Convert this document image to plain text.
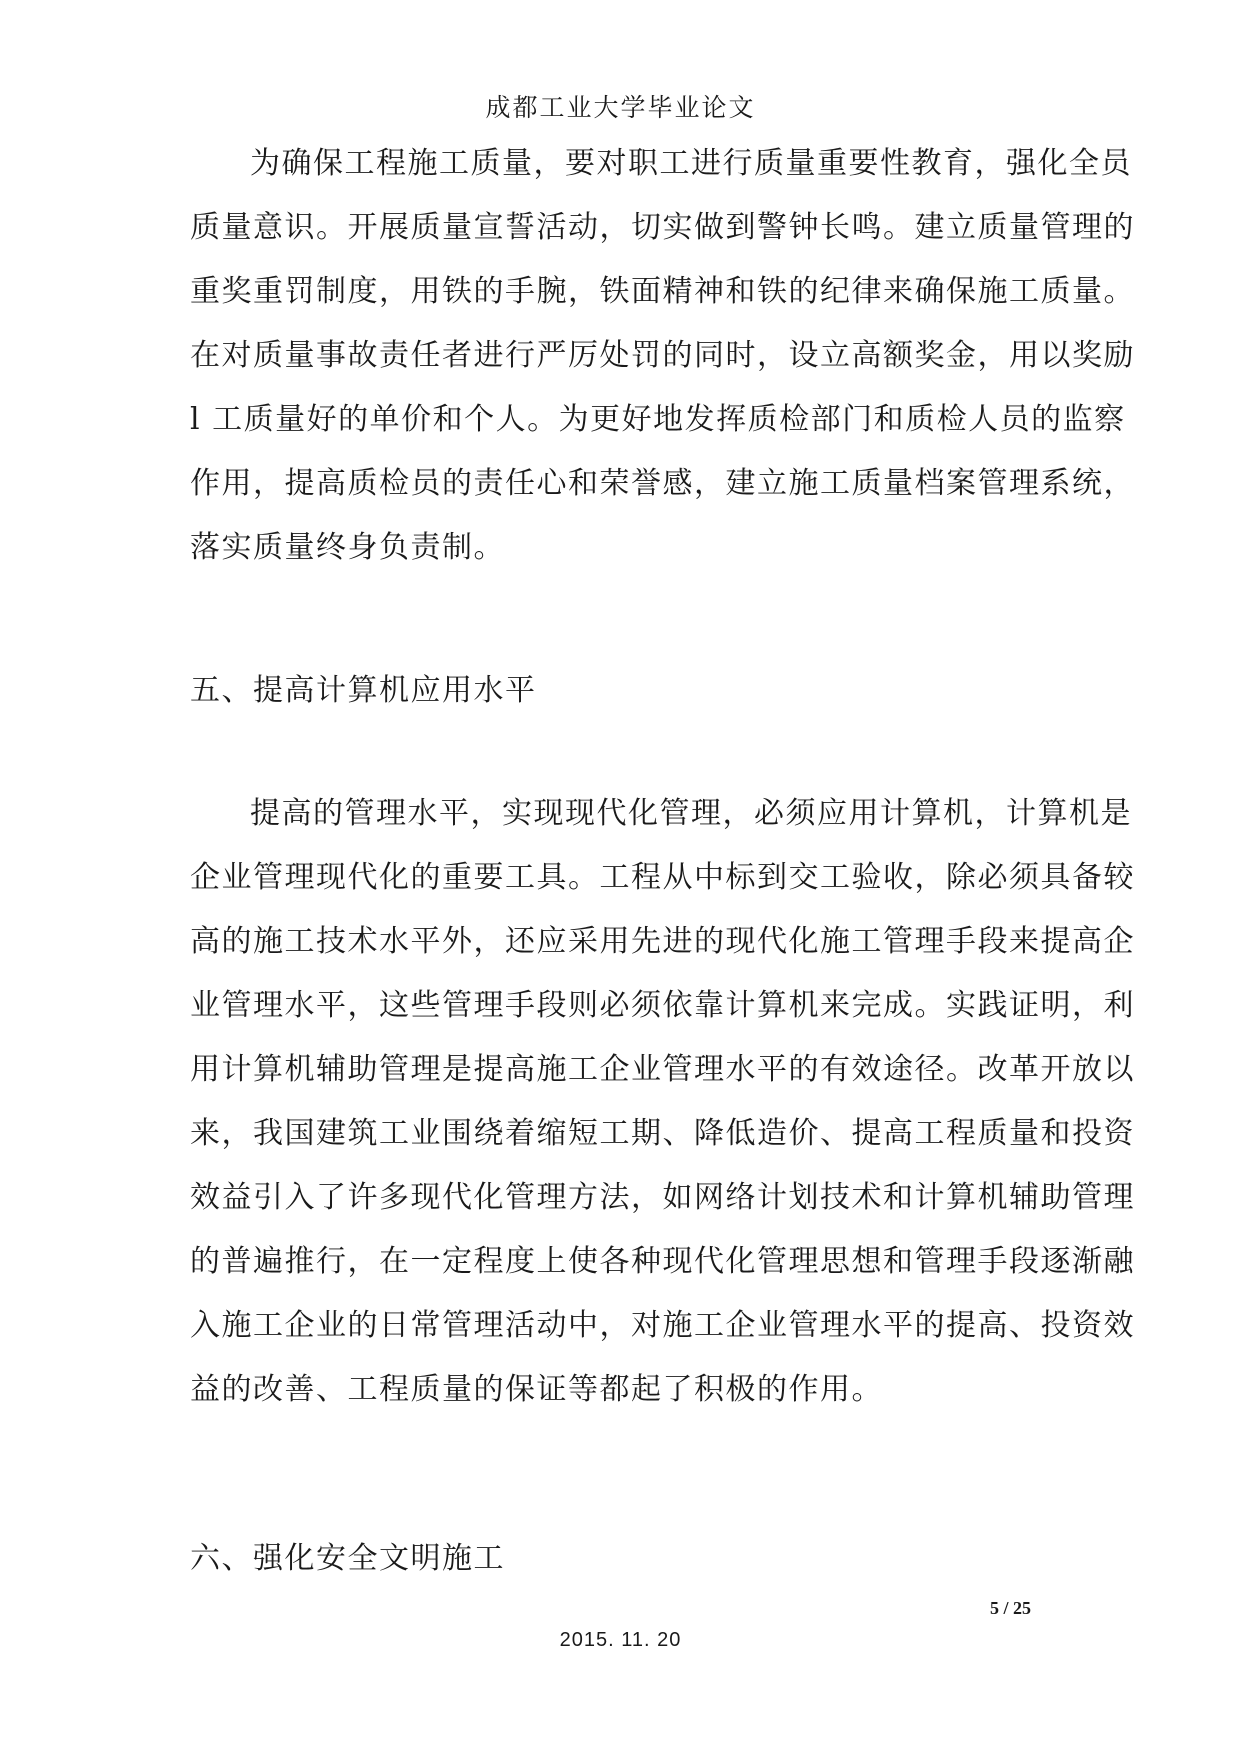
成都工业大学毕业论文
为确保工程施工质量，要对职工进行质量重要性教育，强化全员
质量意识。开展质量宣誓活动，切实做到警钟长鸣。建立质量管理的
重奖重罚制度，用铁的手腕，铁面精神和铁的纪律来确保施工质量。
在对质量事故责任者进行严厉处罚的同时，设立高额奖金，用以奖励
l 工质量好的单价和个人。为更好地发挥质检部门和质检人员的监察
作用，提高质检员的责任心和荣誉感，建立施工质量档案管理系统，
落实质量终身负责制。
五、提高计算机应用水平
提高的管理水平，实现现代化管理，必须应用计算机，计算机是
企业管理现代化的重要工具。工程从中标到交工验收，除必须具备较
高的施工技术水平外，还应采用先进的现代化施工管理手段来提高企
业管理水平，这些管理手段则必须依靠计算机来完成。实践证明，利
用计算机辅助管理是提高施工企业管理水平的有效途径。改革开放以
来，我国建筑工业围绕着缩短工期、降低造价、提高工程质量和投资
效益引入了许多现代化管理方法，如网络计划技术和计算机辅助管理
的普遍推行，在一定程度上使各种现代化管理思想和管理手段逐渐融
入施工企业的日常管理活动中，对施工企业管理水平的提高、投资效
益的改善、工程质量的保证等都起了积极的作用。
六、强化安全文明施工
5 / 25
2015. 11. 20
